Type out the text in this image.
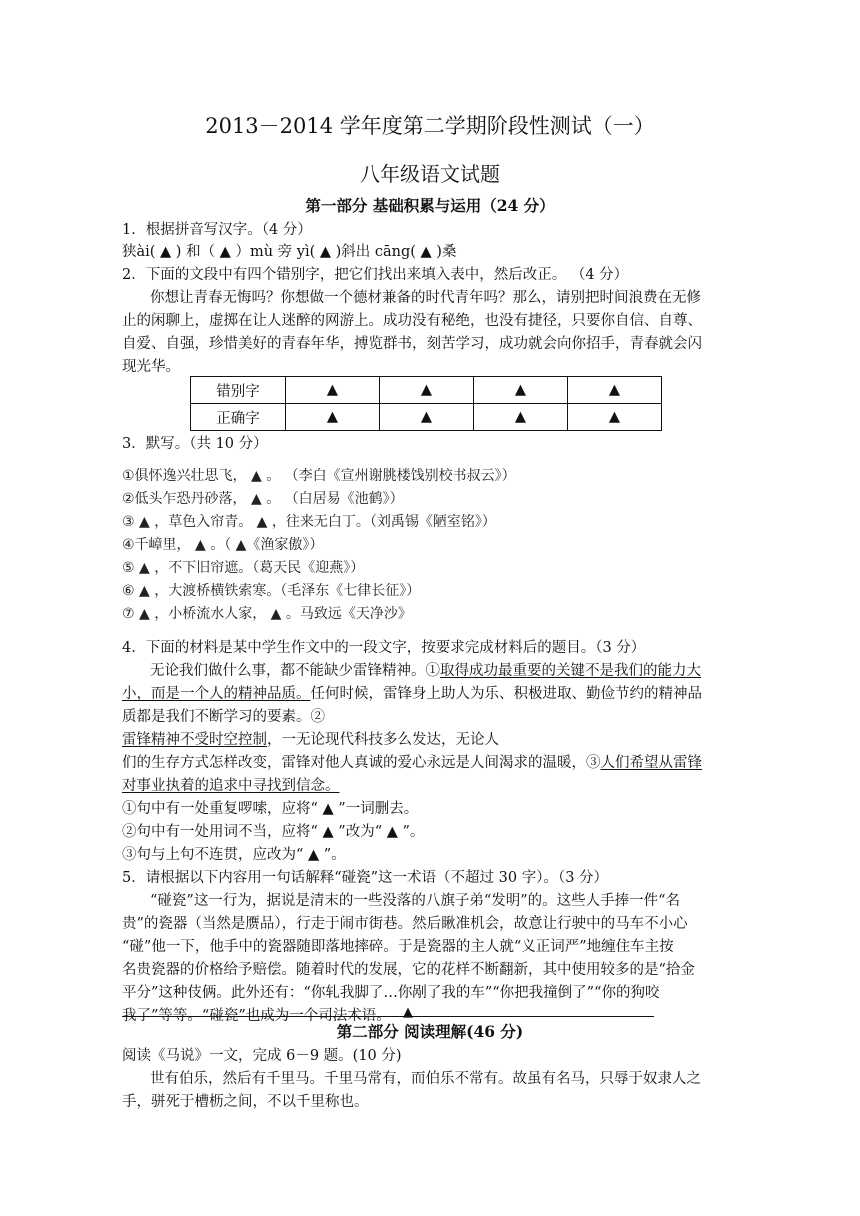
2013－2014 学年度第二学期阶段性测试（一）
八年级语文试题
第一部分 基础积累与运用（24 分）
1．根据拼音写汉字。（4 分）
狭ài( ▲ ) 和（ ▲ ）mù 旁 yì( ▲ )斜出 cāng( ▲ )桑
2．下面的文段中有四个错别字，把它们找出来填入表中，然后改正。 （4 分）
你想让青春无悔吗？你想做一个德材兼备的时代青年吗？那么，请别把时间浪费在无修
止的闲聊上，虚掷在让人迷醉的网游上。成功没有秘绝，也没有捷径，只要你自信、自尊、
自爱、自强，珍惜美好的青春年华，搏览群书，刻苦学习，成功就会向你招手，青春就会闪
现光华。
错别字	▲	▲	▲	▲
正确字	▲	▲	▲	▲
3．默写。（共 10 分）
①俱怀逸兴壮思飞， ▲ 。 （李白《宣州谢朓楼饯别校书叔云》）
②低头乍恐丹砂落， ▲ 。 （白居易《池鹤》）
③ ▲ ，草色入帘青。 ▲ ，往来无白丁。（刘禹锡《陋室铭》）
④千嶂里， ▲ 。（ ▲《渔家傲》）
⑤ ▲ ，不下旧帘遮。（葛天民《迎燕》）
⑥ ▲ ，大渡桥横铁索寒。（毛泽东《七律长征》）
⑦ ▲ ，小桥流水人家， ▲ 。马致远《天净沙》
4．下面的材料是某中学生作文中的一段文字，按要求完成材料后的题目。（3 分）
无论我们做什么事，都不能缺少雷锋精神。①取得成功最重要的关键不是我们的能力大
小，而是一个人的精神品质。任何时候，雷锋身上助人为乐、积极进取、勤俭节约的精神品
质都是我们不断学习的要素。②
雷锋精神不受时空控制，一无论现代科技多么发达，无论人
们的生存方式怎样改变，雷锋对他人真诚的爱心永远是人间渴求的温暖，③人们希望从雷锋
对事业执着的追求中寻找到信念。
①句中有一处重复啰嗦，应将“ ▲ ”一词删去。
②句中有一处用词不当，应将“ ▲ ”改为“ ▲ ”。
③句与上句不连贯，应改为“ ▲ ”。
5．请根据以下内容用一句话解释“碰瓷”这一术语（不超过 30 字）。（3 分）
“碰瓷”这一行为，据说是清末的一些没落的八旗子弟“发明”的。这些人手捧一件“名
贵”的瓷器（当然是赝品），行走于闹市街巷。然后瞅准机会，故意让行驶中的马车不小心
“碰”他一下，他手中的瓷器随即落地摔碎。于是瓷器的主人就“义正词严”地缠住车主按
名贵瓷器的价格给予赔偿。随着时代的发展，它的花样不断翻新，其中使用较多的是“拾金
平分”这种伎俩。此外还有：“你轧我脚了…你剐了我的车”“你把我撞倒了”“你的狗咬
我了”等等。“碰瓷”也成为一个司法术语。 ▲
第二部分 阅读理解(46 分)
阅读《马说》一文，完成 6－9 题。(10 分)
世有伯乐，然后有千里马。千里马常有，而伯乐不常有。故虽有名马，只辱于奴隶人之
手，骈死于槽枥之间，不以千里称也。
